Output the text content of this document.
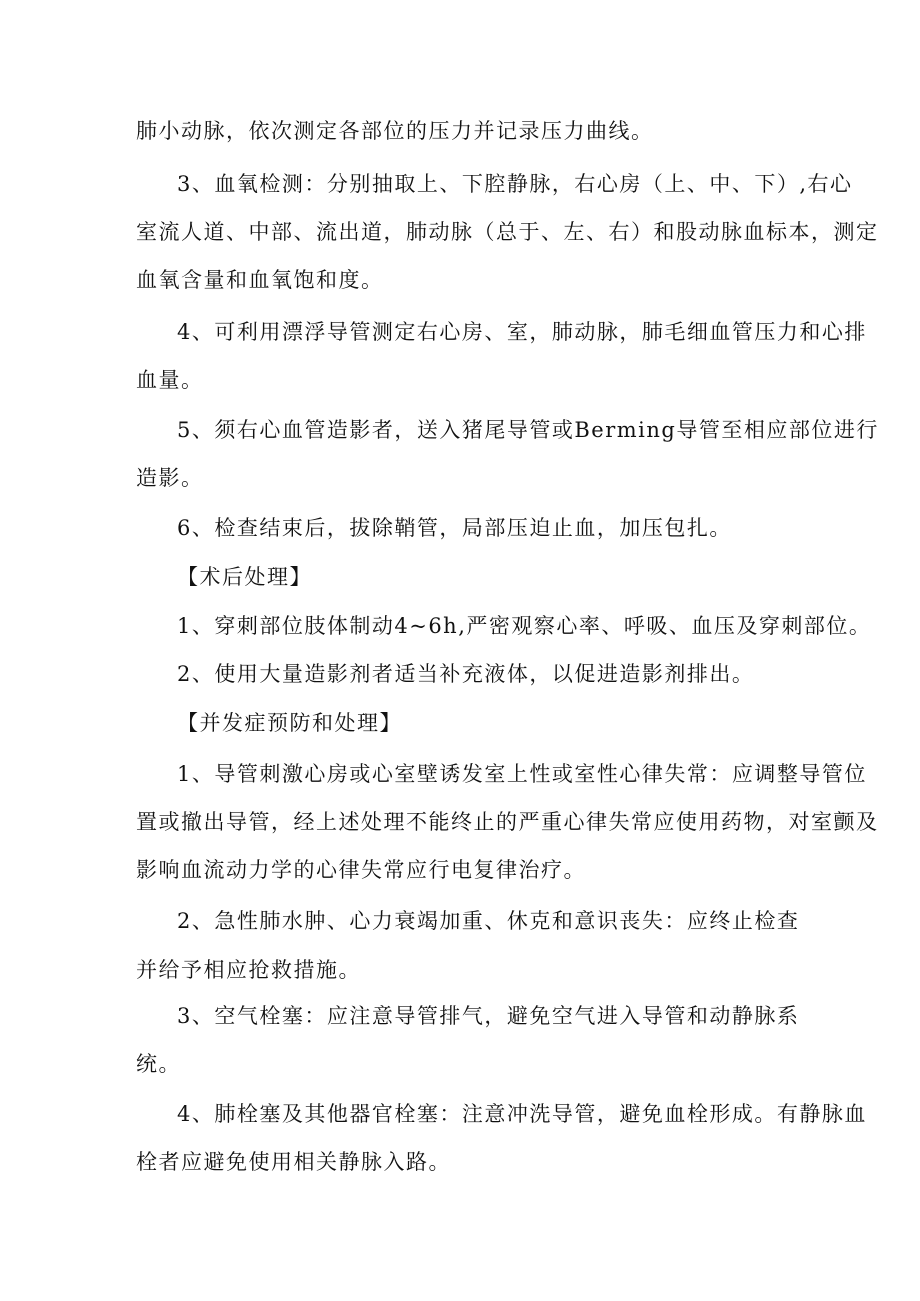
肺小动脉，依次测定各部位的压力并记录压力曲线。
3、血氧检测：分别抽取上、下腔静脉，右心房（上、中、下）,右心
室流人道、中部、流出道，肺动脉（总于、左、右）和股动脉血标本，测定
血氧含量和血氧饱和度。
4、可利用漂浮导管测定右心房、室，肺动脉，肺毛细血管压力和心排
血量。
5、须右心血管造影者，送入猪尾导管或Berming导管至相应部位进行
造影。
6、检查结束后，拔除鞘管，局部压迫止血，加压包扎。
【术后处理】
1、穿刺部位肢体制动4~6h,严密观察心率、呼吸、血压及穿刺部位。
2、使用大量造影剂者适当补充液体，以促进造影剂排出。
【并发症预防和处理】
1、导管刺激心房或心室壁诱发室上性或室性心律失常：应调整导管位
置或撤出导管，经上述处理不能终止的严重心律失常应使用药物，对室颤及
影响血流动力学的心律失常应行电复律治疗。
2、急性肺水肿、心力衰竭加重、休克和意识丧失：应终止检查
并给予相应抢救措施。
3、空气栓塞：应注意导管排气，避免空气进入导管和动静脉系
统。
4、肺栓塞及其他器官栓塞：注意冲洗导管，避免血栓形成。有静脉血
栓者应避免使用相关静脉入路。
